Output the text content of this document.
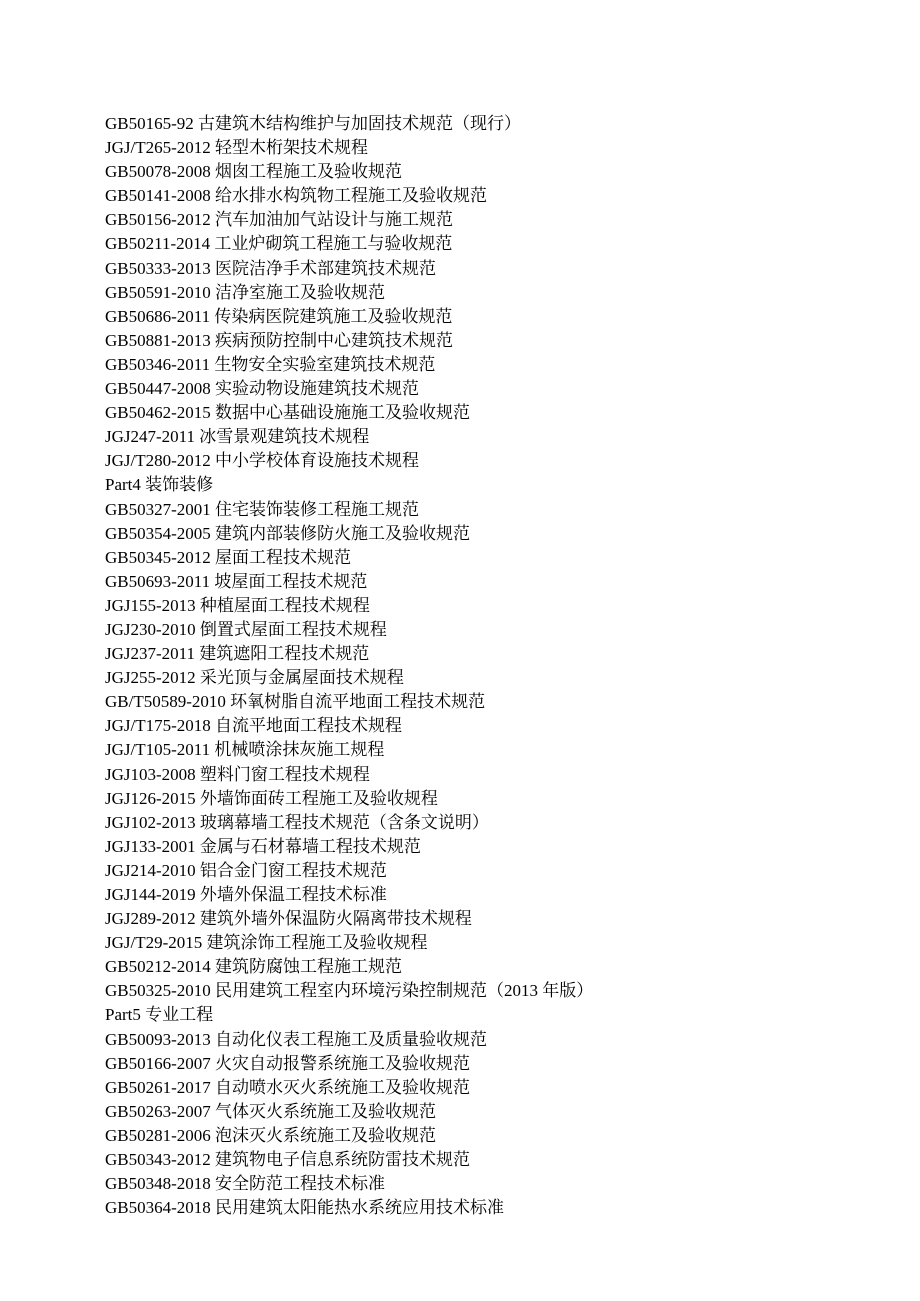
GB50165-92 古建筑木结构维护与加固技术规范（现行）
JGJ/T265-2012 轻型木桁架技术规程
GB50078-2008 烟囱工程施工及验收规范
GB50141-2008 给水排水构筑物工程施工及验收规范
GB50156-2012 汽车加油加气站设计与施工规范
GB50211-2014 工业炉砌筑工程施工与验收规范
GB50333-2013 医院洁净手术部建筑技术规范
GB50591-2010 洁净室施工及验收规范
GB50686-2011 传染病医院建筑施工及验收规范
GB50881-2013 疾病预防控制中心建筑技术规范
GB50346-2011 生物安全实验室建筑技术规范
GB50447-2008 实验动物设施建筑技术规范
GB50462-2015 数据中心基础设施施工及验收规范
JGJ247-2011 冰雪景观建筑技术规程
JGJ/T280-2012 中小学校体育设施技术规程
Part4 装饰装修
GB50327-2001 住宅装饰装修工程施工规范
GB50354-2005 建筑内部装修防火施工及验收规范
GB50345-2012 屋面工程技术规范
GB50693-2011 坡屋面工程技术规范
JGJ155-2013 种植屋面工程技术规程
JGJ230-2010 倒置式屋面工程技术规程
JGJ237-2011 建筑遮阳工程技术规范
JGJ255-2012 采光顶与金属屋面技术规程
GB/T50589-2010 环氧树脂自流平地面工程技术规范
JGJ/T175-2018 自流平地面工程技术规程
JGJ/T105-2011 机械喷涂抹灰施工规程
JGJ103-2008 塑料门窗工程技术规程
JGJ126-2015 外墙饰面砖工程施工及验收规程
JGJ102-2013 玻璃幕墙工程技术规范（含条文说明）
JGJ133-2001 金属与石材幕墙工程技术规范
JGJ214-2010 铝合金门窗工程技术规范
JGJ144-2019 外墙外保温工程技术标准
JGJ289-2012 建筑外墙外保温防火隔离带技术规程
JGJ/T29-2015 建筑涂饰工程施工及验收规程
GB50212-2014 建筑防腐蚀工程施工规范
GB50325-2010 民用建筑工程室内环境污染控制规范（2013 年版）
Part5 专业工程
GB50093-2013 自动化仪表工程施工及质量验收规范
GB50166-2007 火灾自动报警系统施工及验收规范
GB50261-2017 自动喷水灭火系统施工及验收规范
GB50263-2007 气体灭火系统施工及验收规范
GB50281-2006 泡沫灭火系统施工及验收规范
GB50343-2012 建筑物电子信息系统防雷技术规范
GB50348-2018 安全防范工程技术标准
GB50364-2018 民用建筑太阳能热水系统应用技术标准
